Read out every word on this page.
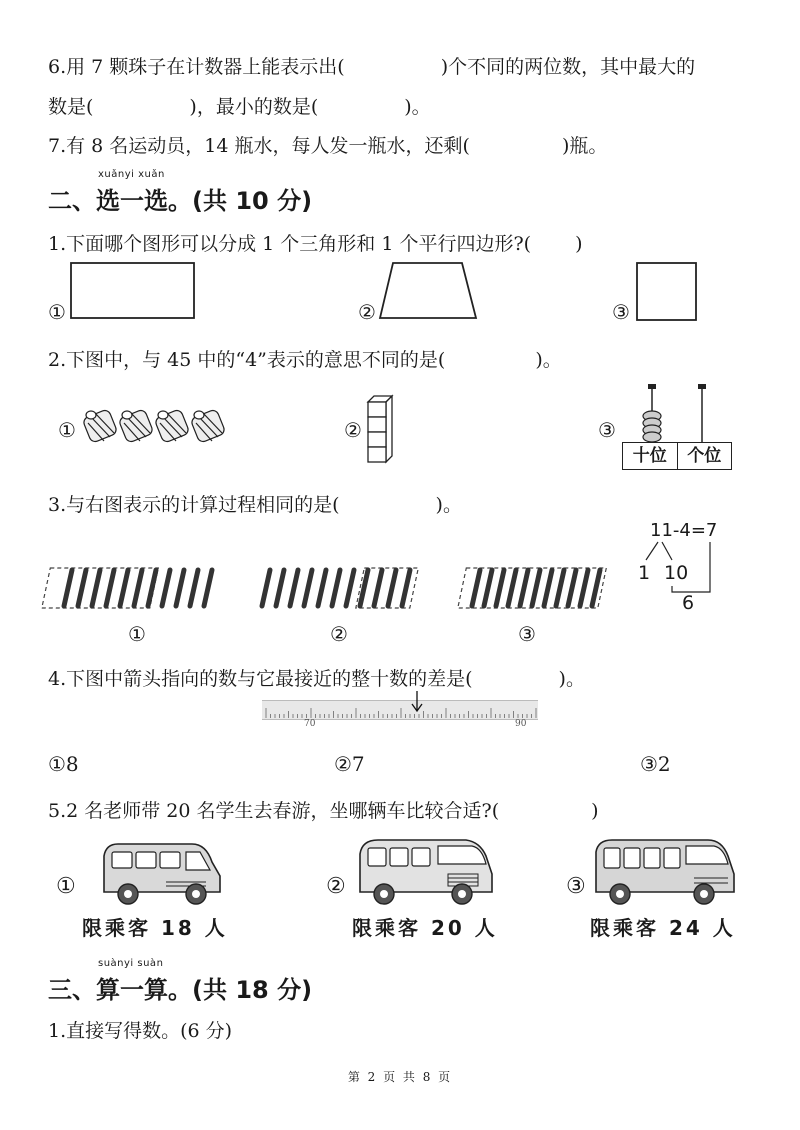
6.用 7 颗珠子在计数器上能表示出(	)个不同的两位数，其中最大的
数是(	)，最小的数是(	)。
7.有 8 名运动员，14 瓶水，每人发一瓶水，还剩(	)瓶。
xuǎnyi xuǎn
二、选一选。(共 10 分)
1.下面哪个图形可以分成 1 个三角形和 1 个平行四边形?( )
①	②	③
2.下图中，与 45 中的“4”表示的意思不同的是(	)。
①	②	③
十位	个位
3.与右图表示的计算过程相同的是(	)。
①	②	③
11-4=7
1 10
6
4.下图中箭头指向的数与它最接近的整十数的差是(	)。
70	90
①8	②7	③2
5.2 名老师带 20 名学生去春游，坐哪辆车比较合适?(	)
①
限乘客 18 人
②
限乘客 20 人
③
限乘客 24 人
suànyi suàn
三、算一算。(共 18 分)
1.直接写得数。(6 分)
第 2 页 共 8 页
